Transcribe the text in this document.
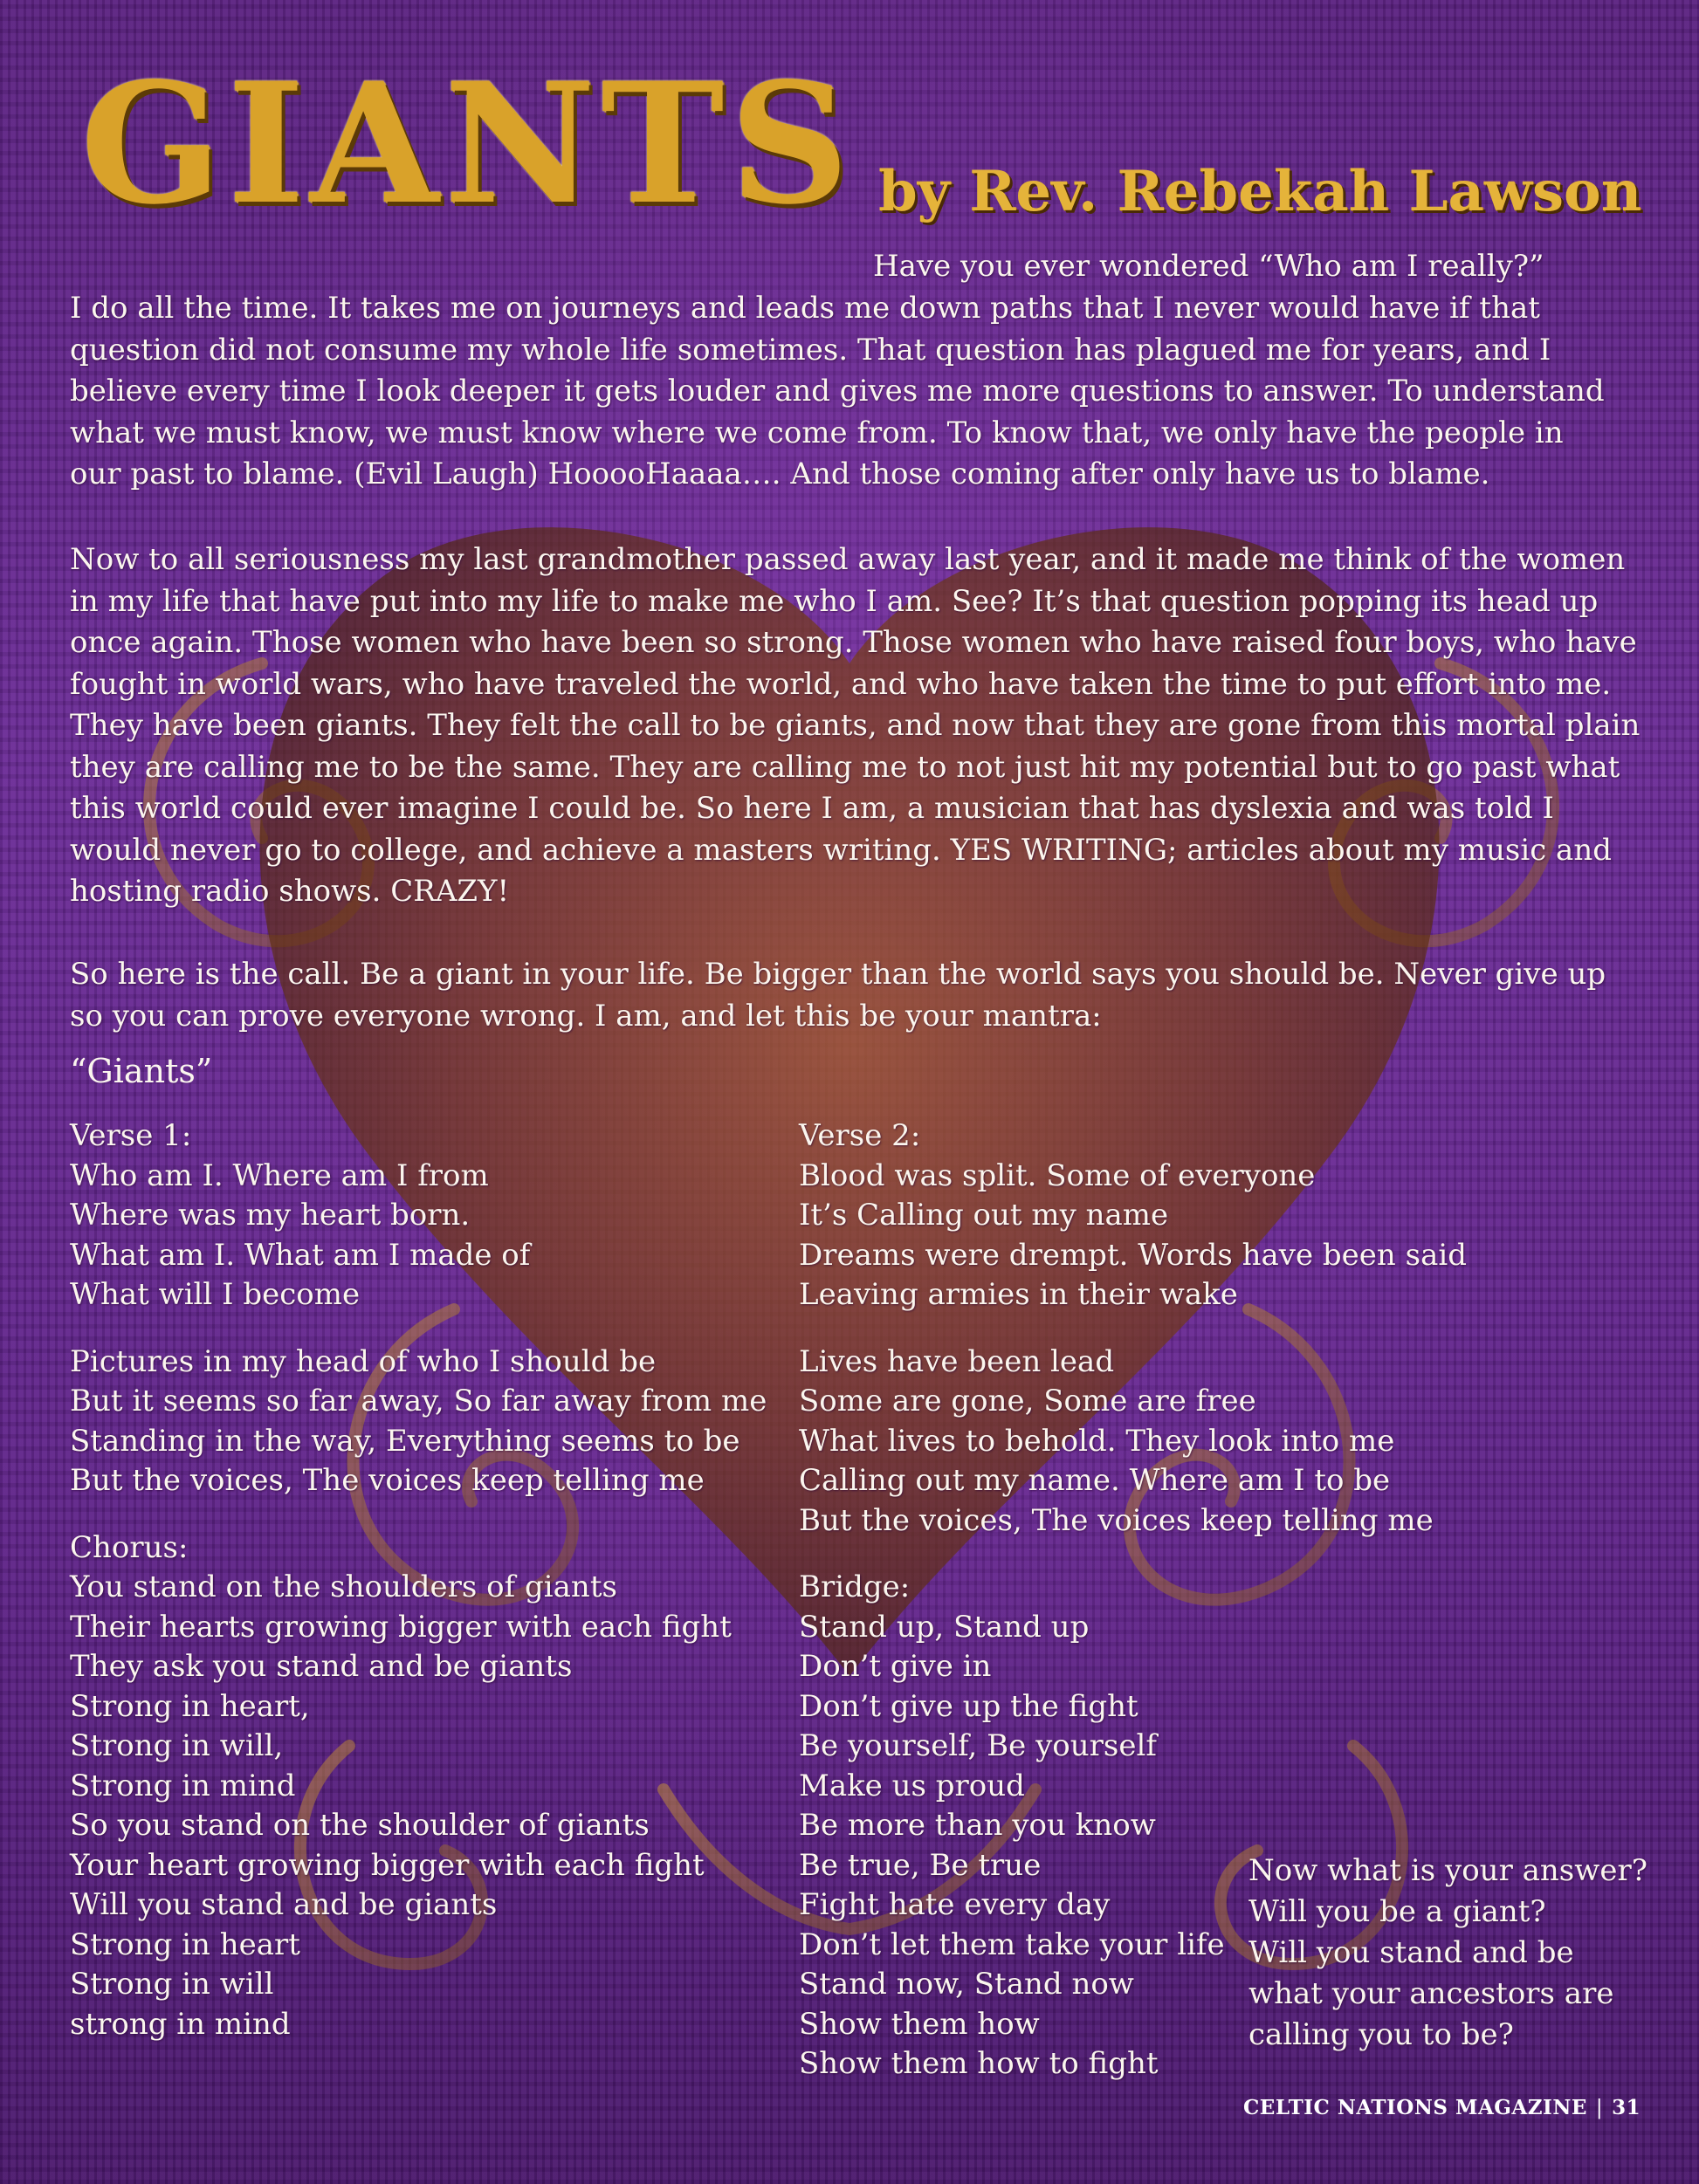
GIANTS by Rev. Rebekah Lawson
Have you ever wondered “Who am I really?”
I do all the time. It takes me on journeys and leads me down paths that I never would have if that
question did not consume my whole life sometimes. That question has plagued me for years, and I
believe every time I look deeper it gets louder and gives me more questions to answer. To understand
what we must know, we must know where we come from. To know that, we only have the people in
our past to blame. (Evil Laugh) HooooHaaaa…. And those coming after only have us to blame.
Now to all seriousness my last grandmother passed away last year, and it made me think of the women in my life that have put into my life to make me who I am. See? It’s that question popping its head up once again. Those women who have been so strong. Those women who have raised four boys, who have fought in world wars, who have traveled the world, and who have taken the time to put effort into me. They have been giants. They felt the call to be giants, and now that they are gone from this mortal plain they are calling me to be the same. They are calling me to not just hit my potential but to go past what this world could ever imagine I could be. So here I am, a musician that has dyslexia and was told I would never go to college, and achieve a masters writing. YES WRITING; articles about my music and hosting radio shows. CRAZY!
So here is the call. Be a giant in your life. Be bigger than the world says you should be. Never give up so you can prove everyone wrong. I am, and let this be your mantra:
“Giants”
Verse 1:
Who am I. Where am I from
Where was my heart born.
What am I. What am I made of
What will I become
Pictures in my head of who I should be
But it seems so far away, So far away from me
Standing in the way, Everything seems to be
But the voices, The voices keep telling me
Chorus:
You stand on the shoulders of giants
Their hearts growing bigger with each fight
They ask you stand and be giants
Strong in heart,
Strong in will,
Strong in mind
So you stand on the shoulder of giants
Your heart growing bigger with each fight
Will you stand and be giants
Strong in heart
Strong in will
strong in mind
Verse 2:
Blood was split. Some of everyone
It’s Calling out my name
Dreams were drempt. Words have been said
Leaving armies in their wake
Lives have been lead
Some are gone, Some are free
What lives to behold. They look into me
Calling out my name. Where am I to be
But the voices, The voices keep telling me
Bridge:
Stand up, Stand up
Don’t give in
Don’t give up the fight
Be yourself, Be yourself
Make us proud
Be more than you know
Be true, Be true
Fight hate every day
Don’t let them take your life
Stand now, Stand now
Show them how
Show them how to fight
Now what is your answer?
Will you be a giant?
Will you stand and be
what your ancestors are
calling you to be?
CELTIC NATIONS MAGAZINE | 31
